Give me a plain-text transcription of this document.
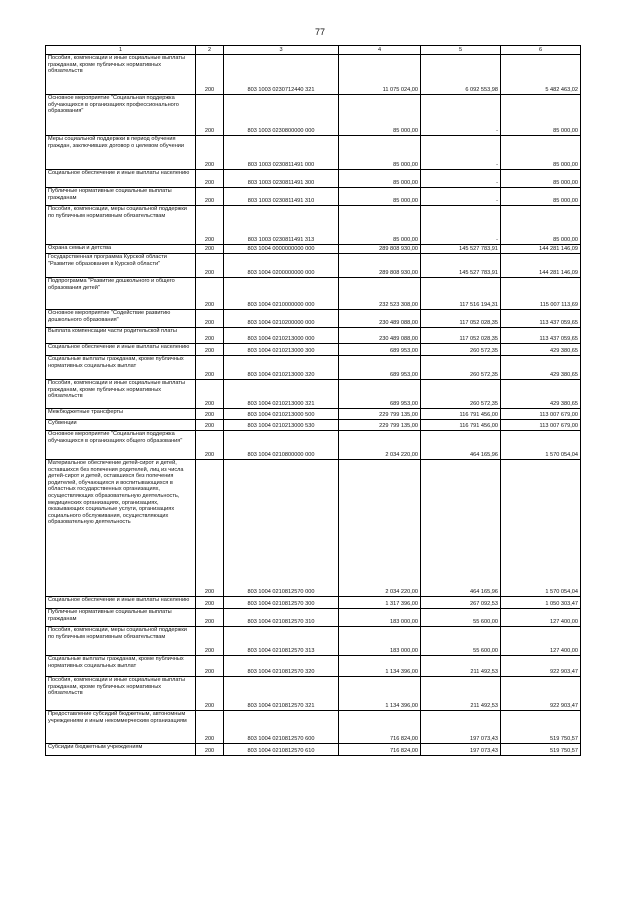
77
1	2	3	4	5	6

Пособия, компенсации и иные социальные выплаты гражданам, кроме публичных нормативных обязательств	200	803 1003 0230712440 321	11 075 024,00	6 092 553,98	5 482 463,02

Основное мероприятие "Социальная поддержка обучающихся в организациях профессионального образования"	200	803 1003 0230800000 000	85 000,00	-	85 000,00

Меры социальной поддержки в период обучения граждан, заключивших договор о целевом обучении	200	803 1003 0230811491 000	85 000,00	-	85 000,00

Социальное обеспечение и иные выплаты населению	200	803 1003 0230811491 300	85 000,00	-	85 000,00

Публичные нормативные социальные выплаты гражданам	200	803 1003 0230811491 310	85 000,00	-	85 000,00

Пособия, компенсации, меры социальной поддержки по публичным нормативным обязательствам	200	803 1003 0230811491 313	85 000,00	-	85 000,00

Охрана семьи и детства	200	803 1004 0000000000 000	289 808 930,00	145 527 783,91	144 281 146,09

Государственная программа Курской области "Развитие образования в Курской области"	200	803 1004 0200000000 000	289 808 930,00	145 527 783,91	144 281 146,09

Подпрограмма "Развитие дошкольного и общего образования детей"	200	803 1004 0210000000 000	232 523 308,00	117 516 194,31	115 007 113,69

Основное мероприятие "Содействие развитию дошкольного образования"	200	803 1004 0210200000 000	230 489 088,00	117 052 028,35	113 437 059,65

Выплата компенсации части родительской платы	200	803 1004 0210213000 000	230 489 088,00	117 052 028,35	113 437 059,65

Социальное обеспечение и иные выплаты населению	200	803 1004 0210213000 300	689 953,00	260 572,35	429 380,65

Социальные выплаты гражданам, кроме публичных нормативных социальных выплат	200	803 1004 0210213000 320	689 953,00	260 572,35	429 380,65

Пособия, компенсации и иные социальные выплаты гражданам, кроме публичных нормативных обязательств	200	803 1004 0210213000 321	689 953,00	260 572,35	429 380,65

Межбюджетные трансферты	200	803 1004 0210213000 500	229 799 135,00	116 791 456,00	113 007 679,00

Субвенции	200	803 1004 0210213000 530	229 799 135,00	116 791 456,00	113 007 679,00

Основное мероприятие "Социальная поддержка обучающихся в организациях общего образования"	200	803 1004 0210800000 000	2 034 220,00	464 165,96	1 570 054,04

Материальное обеспечение детей-сирот и детей, оставшихся без попечения родителей, лиц из числа детей-сирот и детей, оставшихся без попечения родителей, обучающихся и воспитывающихся в областных государственных организациях, осуществляющих образовательную деятельность, медицинских организациях, организациях, оказывающих социальные услуги, организациях социального обслуживания, осуществляющих образовательную деятельность	200	803 1004 0210812570 000	2 034 220,00	464 165,96	1 570 054,04

Социальное обеспечение и иные выплаты населению	200	803 1004 0210812570 300	1 317 396,00	267 092,53	1 050 303,47

Публичные нормативные социальные выплаты гражданам	200	803 1004 0210812570 310	183 000,00	55 600,00	127 400,00

Пособия, компенсации, меры социальной поддержки по публичным нормативным обязательствам	200	803 1004 0210812570 313	183 000,00	55 600,00	127 400,00

Социальные выплаты гражданам, кроме публичных нормативных социальных выплат	200	803 1004 0210812570 320	1 134 396,00	211 492,53	922 903,47

Пособия, компенсации и иные социальные выплаты гражданам, кроме публичных нормативных обязательств	200	803 1004 0210812570 321	1 134 396,00	211 492,53	922 903,47

Предоставление субсидий бюджетным, автономным учреждениям и иным некоммерческим организациям	200	803 1004 0210812570 600	716 824,00	197 073,43	519 750,57

Субсидии бюджетным учреждениям	200	803 1004 0210812570 610	716 824,00	197 073,43	519 750,57
